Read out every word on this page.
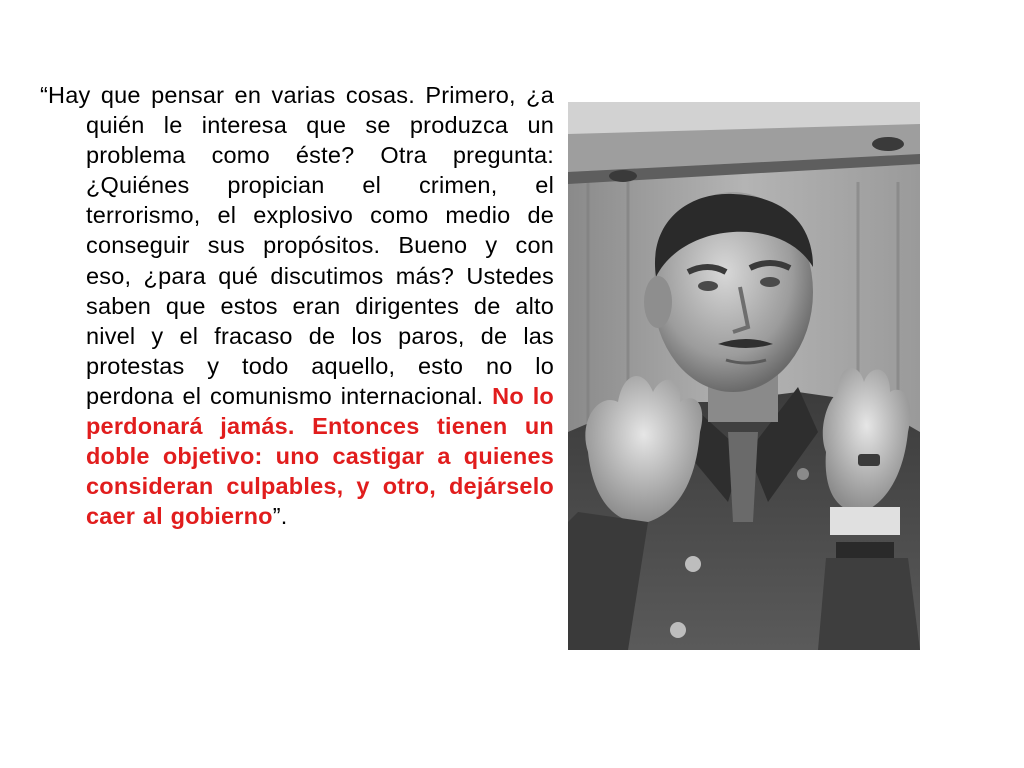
“Hay que pensar en varias cosas. Primero, ¿a quién le interesa que se produzca un problema como éste? Otra pregunta: ¿Quiénes propician el crimen, el terrorismo, el explosivo como medio de conseguir sus propósitos. Bueno y con eso, ¿para qué discutimos más? Ustedes saben que estos eran dirigentes de alto nivel y el fracaso de los paros, de las protestas y todo aquello, esto no lo perdona el comunismo internacional. No lo perdonará jamás. Entonces tienen un doble objetivo: uno castigar a quienes consideran culpables, y otro, dejárselo caer al gobierno”.
